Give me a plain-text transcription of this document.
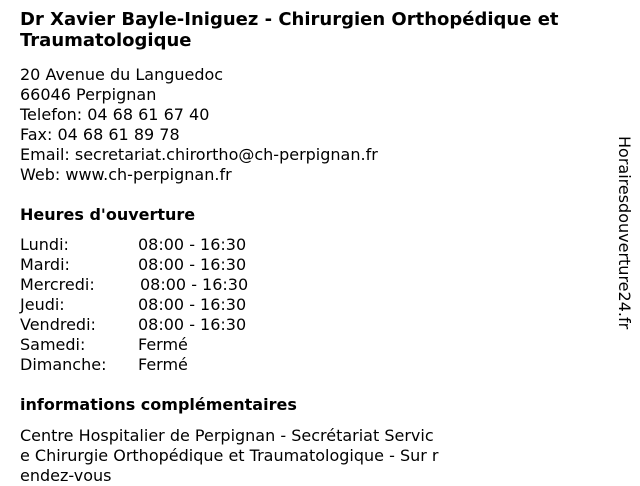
Dr Xavier Bayle-Iniguez - Chirurgien Orthopédique et
Traumatologique
20 Avenue du Languedoc
66046 Perpignan
Telefon: 04 68 61 67 40
Fax: 04 68 61 89 78
Email: secretariat.chirortho@ch-perpignan.fr
Web: www.ch-perpignan.fr
Heures d'ouverture
Lundi:	08:00 - 16:30
Mardi:	08:00 - 16:30
Mercredi:	08:00 - 16:30
Jeudi:	08:00 - 16:30
Vendredi:	08:00 - 16:30
Samedi:	Fermé
Dimanche: Fermé
informations complémentaires
Centre Hospitalier de Perpignan - Secrétariat Service Chirurgie Orthopédique et Traumatologique - Sur rendez-vous
Horairesdouverture24.fr
